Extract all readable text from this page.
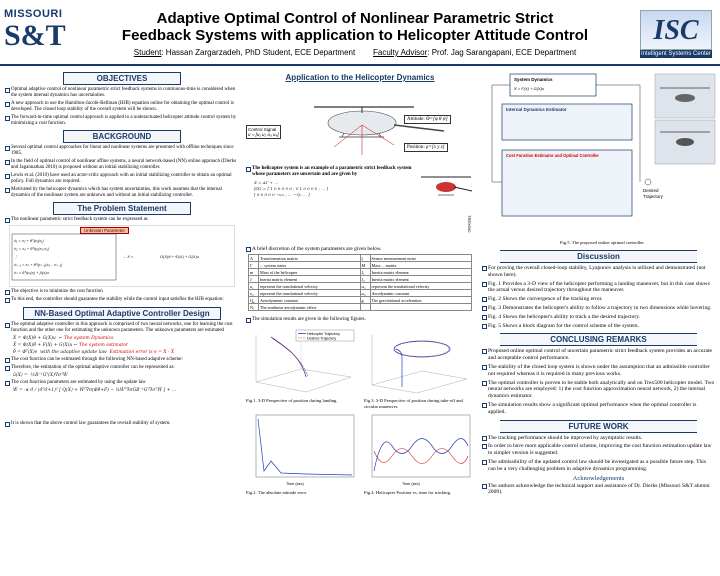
MISSOURI
S&T
Adaptive Optimal Control of Nonlinear Parametric Strict
Feedback Systems with application to Helicopter Attitude Control
Student: Hassan Zargarzadeh, PhD Student, ECE Department Faculty Advisor: Prof. Jag Sarangapani, ECE Department
ISC
Intelligent Systems Center
OBJECTIVES
Optimal adaptive control of nonlinear parametric strict feedback systems in continuous-time is considered when the system internal dynamics has uncertainties.
A new approach to use the Hamilton-Jacobi-Bellman (HJB) equation online for obtaining the optimal control is developed. The closed loop stability of the overall system will be shown.
The forward-in-time optimal control approach is applied to a underactuated helicopter attitude control system by minimizing a cost function.
BACKGROUND
Several optimal control approaches for linear and nonlinear systems are presented with offline techniques since 1985.
In the field of optimal control of nonlinear affine systems, a neural network-based (NN) online approach (Dierks and Jagannathan 2010) is proposed without an initial stabilizing controller.
Lewis et al. (2010) have used an actor-critic approach with an initial stabilizing controller to obtain an optimal policy. Full dynamics are required.
Motivated by the helicopter dynamics which has system uncertainties, this work assumes that the internal dynamics of the nonlinear system are unknown and without an initial stabilizing controller.
The Problem Statement
The nonlinear parametric strict feedback system can be expressed as
Unknown Parameter
ẋ₁ = x₂ + θᵀψ₁(x₁)
ẋ₂ = x₃ + θᵀψ₂(x₁,x₂)
⋮
ẋₙ₋₁ = xₙ + θᵀψₙ₋₁(x₁…xₙ₋₁)
ẋₙ = θᵀψₙ(x) + β(x)u
→ Ẋ =	Ω(X)θ + Φ(X) + G(X)u
The objective is to minimize the cost function
To this end, the controller should guarantee the stability while the control input satisfies the HJB equation:
NN-Based Optimal Adaptive Controller Design
The optimal adaptive controller in this approach is comprised of two neural networks, one for learning the cost function and the other one for estimating the unknown parameters. The unknown parameters are estimated
Ẋ = Φ(X)θ + G(X)u  ← The system Dynamics
X̂̇ = Φ(X)θ̂ + F(X) + G(X)u ← The system estimator
θ̂̇ = Φᵀ(X)e  with the adaptive update law Estimation error is e = X - X̂
The cost function can be estimated through the following NN-based adaptive scheme:
Therefore, the estimation of the optimal adaptive controller can be represented as:
û(X) = -½R⁻¹Gᵀ(X)∇σᵀŴ
The cost function parameters are estimated by using the update law
Ŵ̇ = -α σ̂ / (σ̂ᵀσ̂+1)² [ Q(X) + Ŵᵀ∇σ(Φθ̂+F) − ¼Ŵᵀ∇σGR⁻¹Gᵀ∇σᵀŴ ] + …
It is shown that the above control law guarantees the overall stability of system.
Application to the Helicopter Dynamics
Control Signal
u = [u₁ u₂ u₃ u₄]
Attitude: Θ=[φ θ ψ]
Position: ρ=[x y z]
The helicopter system is an example of a parametric strict feedback system whose parameters are uncertain and are given by
Ẋ = AΓ + …
f(X) = [ 1 0 0 0 0 0 ; 0 1 0 0 0 0 ; … ]
[ 0 0 0 0 0 −ω₂ ; … −Q₂ … ]
TREX500
A brief discretion of the system parameters are given below.
A	Transformation matrix	ζ	Sensor measurement noise
Γ	... system states	M	Mass ... matrix
m	Mass of the helicopter	J₁	Inertia matrix element
J	Inertia matrix element	J₂	Inertia matrix element
υ₁	represent the translational velocity	ω₁	represent the translational velocity
υ₂	represent the translational velocity	ω₂	Aerodynamic constant
Q₂	Aerodynamic constant	g	The gravitational acceleration
Nᵢ	The nonlinear aerodynamic effect		
The simulation results are given in the following figures.
Helicopter Trajectory
Desired Trajectory
Fig.1. 3-D Perspective of position during landing.	Fig.3. 3-D Perspective of position during take-off and circular maneuver.
Time (sec)
Fig.2. The absolute attitude error
Time (sec)
Fig.4. Helicopter Position vs. time for tracking.
System Dynamics
Ẋ = F(X) + G(X)u
Internal Dynamics Estimator
Cost Function Estimator and Optimal Controller
Desired
Trajectory
Fig.5. The proposed online optimal controller.
Discussion
For proving the overall closed-loop stability, Lyapunov analysis is utilized and demonstrated (not shown here).
Fig. 1 Provides a 3-D view of the helicopter performing a landing maneuver, but in this case shows the actual versus desired trajectory throughout the maneuver.
Fig. 2 Shows the convergence of the tracking error.
Fig. 3 Demonstrates the helicopter's ability to follow a trajectory in two dimensions while hovering.
Fig. 4 Shows the helicopter's ability to track a the desired trajectory.
Fig. 5 Shows a block diagram for the control scheme of the system.
CONCLUSING REMARKS
Proposed online optimal control of uncertain parametric strict feedback system provides an accurate and acceptable control performance.
The stability of the closed loop system is shown under the assumption that an admissible controller not required whereas it is required in many previous works.
The optimal controller is proven to be stable both analytically and on Trex500 helicopter model. Two neural networks are employed: 1) the cost function approximation neural network, 2) the internal dynamics estimator.
The simulation results show a significant optimal performance when the optimal controller is applied.
FUTURE WORK
The tracking performance should be improved by asymptotic results.
In order to have more applicable control scheme, improving the cost function estimation update law to simpler version is suggested.
The admissibility of the updated control law should be investigated as a possible future step. This can be a very challenging problem in adaptive dynamics programming.
Acknowledgements
The authors acknowledge the technical support and assistance of Dr. Dierks (Missouri S&T alumni 2009).
